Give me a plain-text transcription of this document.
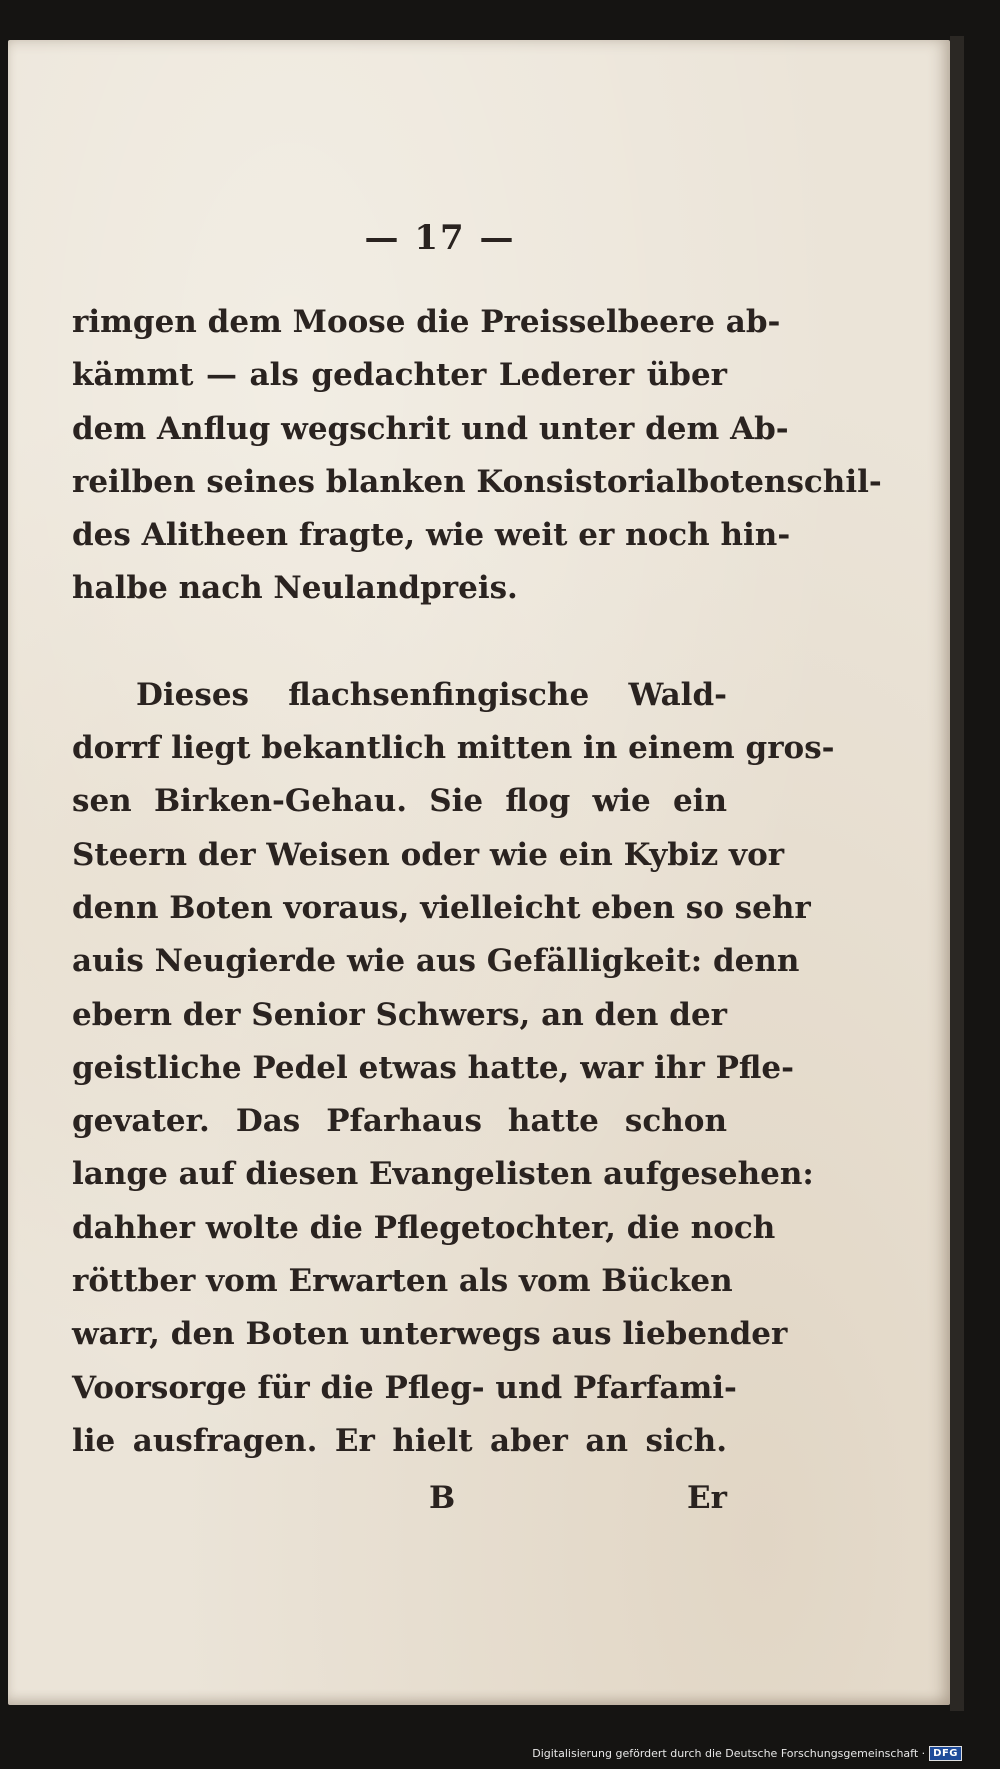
— 17 —
rimgen dem Moose die Preisselbeere ab-
kämmt — als gedachter Lederer über
dem Anflug wegschrit und unter dem Ab-
reilben seines blanken Konsistorialbotenschil-
des Alitheen fragte, wie weit er noch hin-
halbe nach Neulandpreis.
Dieses flachsenfingische Wald-
dorrf liegt bekantlich mitten in einem gros-
sen Birken-Gehau. Sie flog wie ein
Steern der Weisen oder wie ein Kybiz vor
denn Boten voraus, vielleicht eben so sehr
auis Neugierde wie aus Gefälligkeit: denn
ebern der Senior Schwers, an den der
geistliche Pedel etwas hatte, war ihr Pfle-
gevater. Das Pfarhaus hatte schon
lange auf diesen Evangelisten aufgesehen:
dahher wolte die Pflegetochter, die noch
röttber vom Erwarten als vom Bücken
warr, den Boten unterwegs aus liebender
Voorsorge für die Pfleg- und Pfarfami-
lie ausfragen. Er hielt aber an sich.
B	Er
Digitalisierung gefördert durch die Deutsche Forschungsgemeinschaft · DFG
